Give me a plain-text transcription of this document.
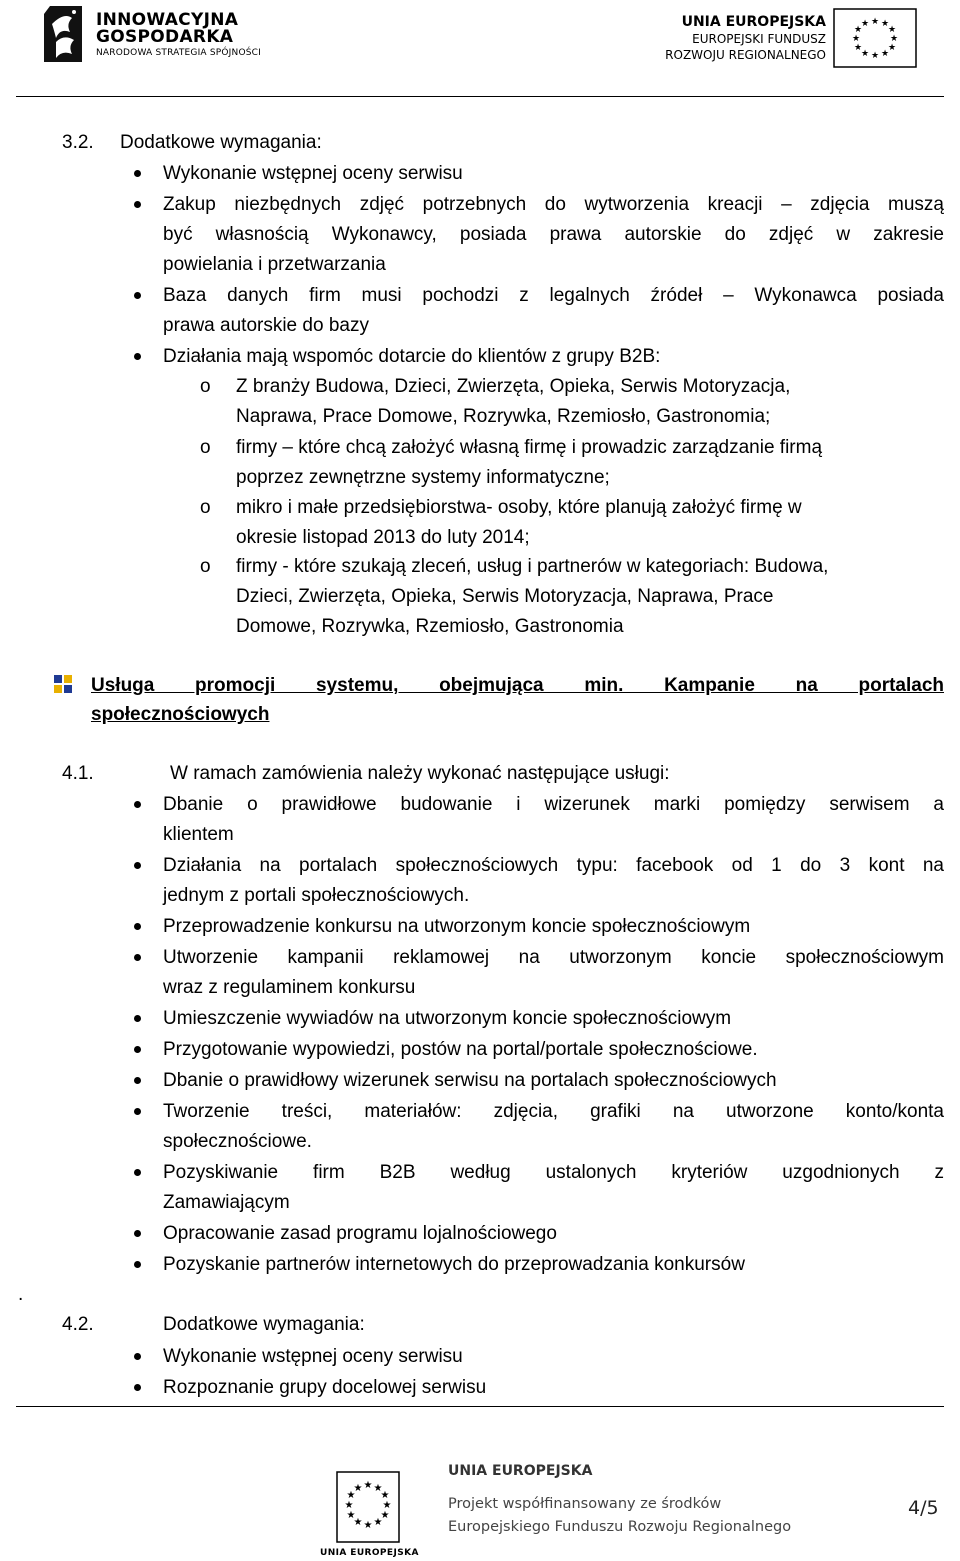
INNOWACYJNA
GOSPODARKA
NARODOWA STRATEGIA SPÓJNOŚCI
UNIA EUROPEJSKA
EUROPEJSKI FUNDUSZ
ROZWOJU REGIONALNEGO
★ ★
★
★
★
★
★
★
★
★
★
★
3.2. Dodatkowe wymagania:
Wykonanie wstępnej oceny serwisu
Zakup niezbędnych zdjęć potrzebnych do wytworzenia kreacji – zdjęcia muszą
być własnością Wykonawcy, posiada prawa autorskie do zdjęć w zakresie
powielania i przetwarzania
Baza danych firm musi pochodzi z legalnych źródeł – Wykonawca posiada
prawa autorskie do bazy
Działania mają wspomóc dotarcie do klientów z grupy B2B:
o Z branży Budowa, Dzieci, Zwierzęta, Opieka, Serwis Motoryzacja,
Naprawa, Prace Domowe, Rozrywka, Rzemiosło, Gastronomia;
o firmy – które chcą założyć własną firmę i prowadzic zarządzanie firmą
poprzez zewnętrzne systemy informatyczne;
o mikro i małe przedsiębiorstwa- osoby, które planują założyć firmę w
okresie listopad 2013 do luty 2014;
o firmy - które szukają zleceń, usług i partnerów w kategoriach: Budowa,
Dzieci, Zwierzęta, Opieka, Serwis Motoryzacja, Naprawa, Prace
Domowe, Rozrywka, Rzemiosło, Gastronomia
Usługa promocji systemu, obejmująca min. Kampanie na portalach
społecznościowych
4.1.	W ramach zamówienia należy wykonać następujące usługi:
Dbanie o prawidłowe budowanie i wizerunek marki pomiędzy serwisem a
klientem
Działania na portalach społecznościowych typu: facebook od 1 do 3 kont na
jednym z portali społecznościowych.
Przeprowadzenie konkursu na utworzonym koncie społecznościowym
Utworzenie kampanii reklamowej na utworzonym koncie społecznościowym
wraz z regulaminem konkursu
Umieszczenie wywiadów na utworzonym koncie społecznościowym
Przygotowanie wypowiedzi, postów na portal/portale społecznościowe.
Dbanie o prawidłowy wizerunek serwisu na portalach społecznościowych
Tworzenie treści, materiałów: zdjęcia, grafiki na utworzone konto/konta
społecznościowe.
Pozyskiwanie firm B2B według ustalonych kryteriów uzgodnionych z
Zamawiającym
Opracowanie zasad programu lojalnościowego
Pozyskanie partnerów internetowych do przeprowadzania konkursów
.
4.2.	Dodatkowe wymagania:
Wykonanie wstępnej oceny serwisu
Rozpoznanie grupy docelowej serwisu
★ ★
★
★
★
★
★
★
★
★
★
★
UNIA EUROPEJSKA
UNIA EUROPEJSKA
Projekt współfinansowany ze środków
Europejskiego Funduszu Rozwoju Regionalnego
4/5
